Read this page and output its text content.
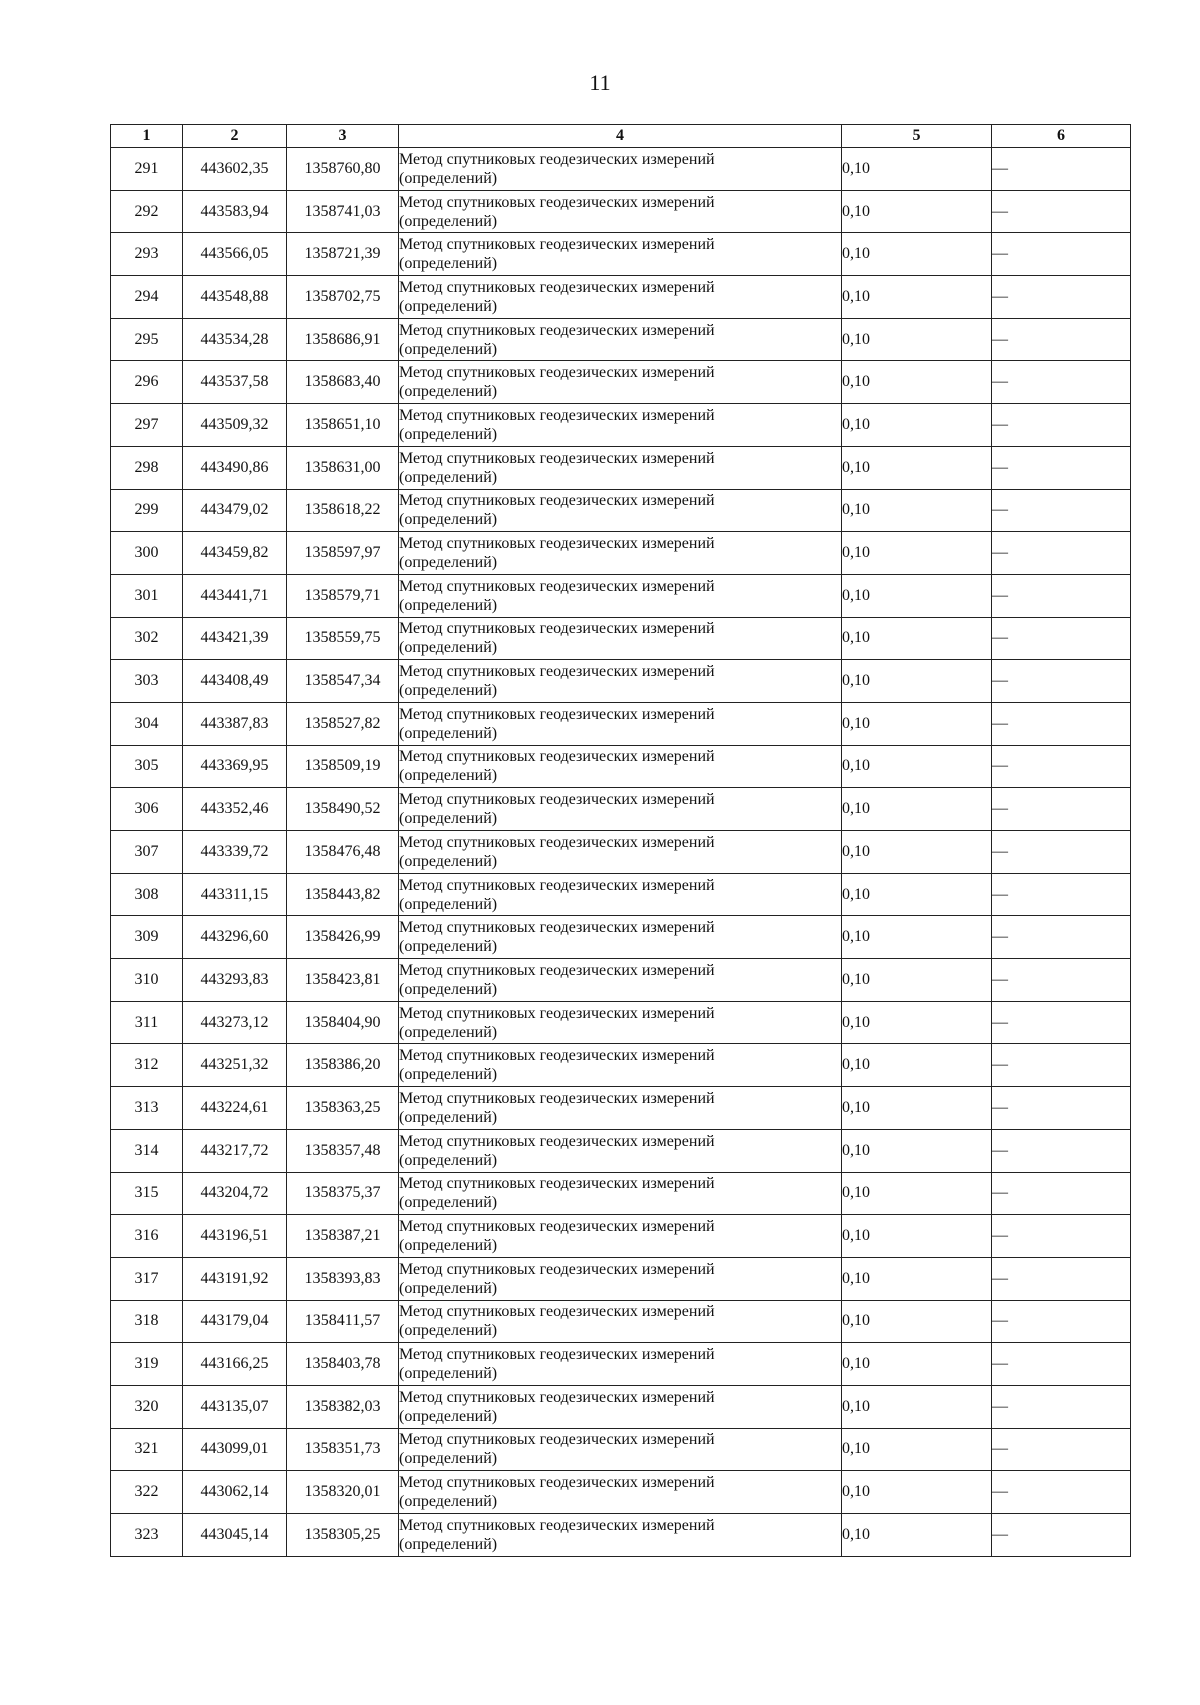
11
1	2	3	4	5	6
291	443602,35	1358760,80	Метод спутниковых геодезических измерений
(определений)	0,10	—
292	443583,94	1358741,03	Метод спутниковых геодезических измерений
(определений)	0,10	—
293	443566,05	1358721,39	Метод спутниковых геодезических измерений
(определений)	0,10	—
294	443548,88	1358702,75	Метод спутниковых геодезических измерений
(определений)	0,10	—
295	443534,28	1358686,91	Метод спутниковых геодезических измерений
(определений)	0,10	—
296	443537,58	1358683,40	Метод спутниковых геодезических измерений
(определений)	0,10	—
297	443509,32	1358651,10	Метод спутниковых геодезических измерений
(определений)	0,10	—
298	443490,86	1358631,00	Метод спутниковых геодезических измерений
(определений)	0,10	—
299	443479,02	1358618,22	Метод спутниковых геодезических измерений
(определений)	0,10	—
300	443459,82	1358597,97	Метод спутниковых геодезических измерений
(определений)	0,10	—
301	443441,71	1358579,71	Метод спутниковых геодезических измерений
(определений)	0,10	—
302	443421,39	1358559,75	Метод спутниковых геодезических измерений
(определений)	0,10	—
303	443408,49	1358547,34	Метод спутниковых геодезических измерений
(определений)	0,10	—
304	443387,83	1358527,82	Метод спутниковых геодезических измерений
(определений)	0,10	—
305	443369,95	1358509,19	Метод спутниковых геодезических измерений
(определений)	0,10	—
306	443352,46	1358490,52	Метод спутниковых геодезических измерений
(определений)	0,10	—
307	443339,72	1358476,48	Метод спутниковых геодезических измерений
(определений)	0,10	—
308	443311,15	1358443,82	Метод спутниковых геодезических измерений
(определений)	0,10	—
309	443296,60	1358426,99	Метод спутниковых геодезических измерений
(определений)	0,10	—
310	443293,83	1358423,81	Метод спутниковых геодезических измерений
(определений)	0,10	—
311	443273,12	1358404,90	Метод спутниковых геодезических измерений
(определений)	0,10	—
312	443251,32	1358386,20	Метод спутниковых геодезических измерений
(определений)	0,10	—
313	443224,61	1358363,25	Метод спутниковых геодезических измерений
(определений)	0,10	—
314	443217,72	1358357,48	Метод спутниковых геодезических измерений
(определений)	0,10	—
315	443204,72	1358375,37	Метод спутниковых геодезических измерений
(определений)	0,10	—
316	443196,51	1358387,21	Метод спутниковых геодезических измерений
(определений)	0,10	—
317	443191,92	1358393,83	Метод спутниковых геодезических измерений
(определений)	0,10	—
318	443179,04	1358411,57	Метод спутниковых геодезических измерений
(определений)	0,10	—
319	443166,25	1358403,78	Метод спутниковых геодезических измерений
(определений)	0,10	—
320	443135,07	1358382,03	Метод спутниковых геодезических измерений
(определений)	0,10	—
321	443099,01	1358351,73	Метод спутниковых геодезических измерений
(определений)	0,10	—
322	443062,14	1358320,01	Метод спутниковых геодезических измерений
(определений)	0,10	—
323	443045,14	1358305,25	Метод спутниковых геодезических измерений
(определений)	0,10	—
